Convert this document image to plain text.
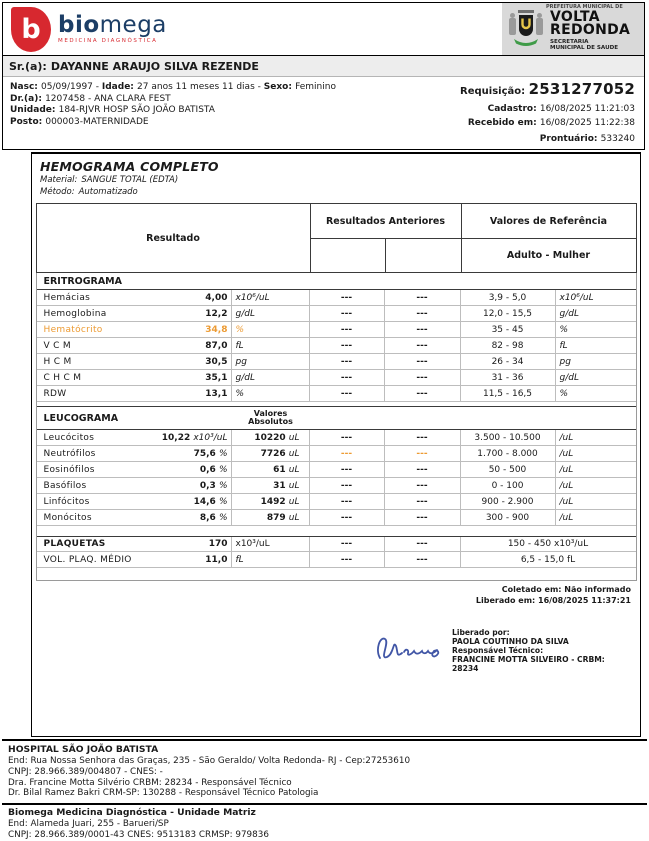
b biomega
MEDICINA DIAGNÓSTICA
PREFEITURA MUNICIPAL DE
VOLTA
REDONDA
SECRETARIA MUNICIPAL DE SAUDE
Sr.(a): DAYANNE ARAUJO SILVA REZENDE
Nasc: 05/09/1997 - Idade: 27 anos 11 meses 11 dias - Sexo: Feminino
Dr.(a): 1207458 - ANA CLARA FEST
Unidade: 184-RJVR HOSP SÃO JOÃO BATISTA
Posto: 000003-MATERNIDADE
Requisição: 2531277052
Cadastro: 16/08/2025 11:21:03
Recebido em: 16/08/2025 11:22:38
Prontuário: 533240
HEMOGRAMA COMPLETO
Material: SANGUE TOTAL (EDTA)
Método: Automatizado
Resultado
Resultados Anteriores	Valores de Referência
Adulto - Mulher
ERITROGRAMA
Hemácias	4,00 x10⁶/uL	---	---	3,9 - 5,0	x10⁶/uL
Hemoglobina	12,2 g/dL	---	---	12,0 - 15,5	g/dL
Hematócrito	34,8 %	---	---	35 - 45	%
V C M	87,0 fL	---	---	82 - 98	fL
H C M	30,5 pg	---	---	26 - 34	pg
C H C M	35,1 g/dL	---	---	31 - 36	g/dL
RDW	13,1 %	---	---	11,5 - 16,5	%
LEUCOGRAMA	Valores
Absolutos
Leucócitos	10,22 x10³/uL	10220 uL	---	---	3.500 - 10.500	/uL
Neutrófilos	75,6 %	7726 uL	---	---	1.700 - 8.000	/uL
Eosinófilos	0,6 %	61 uL	---	---	50 - 500	/uL
Basófilos	0,3 %	31 uL	---	---	0 - 100	/uL
Linfócitos	14,6 %	1492 uL	---	---	900 - 2.900	/uL
Monócitos	8,6 %	879 uL	---	---	300 - 900	/uL
PLAQUETAS	170 x10³/uL	---	---	150 - 450 x10³/uL
VOL. PLAQ. MÉDIO	11,0 fL	---	---	6,5 - 15,0 fL
Coletado em: Não informado
Liberado em: 16/08/2025 11:37:21
Liberado por:
PAOLA COUTINHO DA SILVA
Responsável Técnico:
FRANCINE MOTTA SILVEIRO - CRBM: 28234
HOSPITAL SÃO JOÃO BATISTA
End: Rua Nossa Senhora das Graças, 235 - São Geraldo/ Volta Redonda- RJ - Cep:27253610
CNPJ: 28.966.389/004807 - CNES: -
Dra. Francine Motta Silvério CRBM: 28234 - Responsável Técnico
Dr. Bilal Ramez Bakri CRM-SP: 130288 - Responsável Técnico Patologia
Biomega Medicina Diagnóstica - Unidade Matriz
End: Alameda Juari, 255 - Barueri/SP
CNPJ: 28.966.389/0001-43 CNES: 9513183 CRMSP: 979836
